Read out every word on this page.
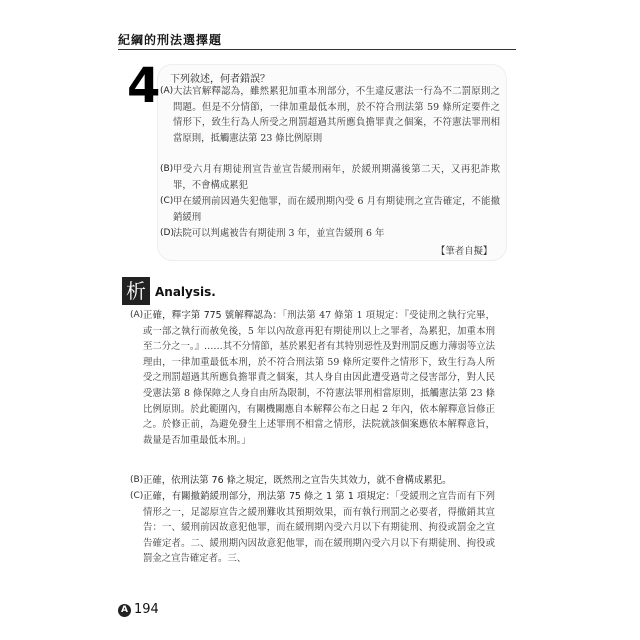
紀綱的刑法選擇題
4 下列敘述，何者錯誤？
(A) 大法官解釋認為，雖然累犯加重本刑部分，不生違反憲法一行為不二罰原則之問題。但是不分情節，一律加重最低本刑，於不符合刑法第 59 條所定要件之情形下，致生行為人所受之刑罰超過其所應負擔罪責之個案，不符憲法罪刑相當原則，抵觸憲法第 23 條比例原則
(B) 甲受六月有期徒刑宣告並宣告緩刑兩年，於緩刑期滿後第二天，又再犯詐欺罪，不會構成累犯
(C) 甲在緩刑前因過失犯他罪，而在緩刑期內受 6 月有期徒刑之宣告確定，不能撤銷緩刑
(D) 法院可以判處被告有期徒刑 3 年，並宣告緩刑 6 年
【筆者自擬】
析 Analysis.
(A) 正確，釋字第 775 號解釋認為：「刑法第 47 條第 1 項規定：『受徒刑之執行完畢，或一部之執行而赦免後，5 年以內故意再犯有期徒刑以上之罪者，為累犯，加重本刑至二分之一。』……其不分情節，基於累犯者有其特別惡性及對刑罰反應力薄弱等立法理由，一律加重最低本刑，於不符合刑法第 59 條所定要件之情形下，致生行為人所受之刑罰超過其所應負擔罪責之個案，其人身自由因此遭受過苛之侵害部分，對人民受憲法第 8 條保障之人身自由所為限制，不符憲法罪刑相當原則，抵觸憲法第 23 條比例原則。於此範圍內，有關機關應自本解釋公布之日起 2 年內，依本解釋意旨修正之。於修正前，為避免發生上述罪刑不相當之情形，法院就該個案應依本解釋意旨，裁量是否加重最低本刑。」
(B) 正確，依刑法第 76 條之規定，既然刑之宣告失其效力，就不會構成累犯。
(C) 正確，有關撤銷緩刑部分，刑法第 75 條之 1 第 1 項規定：「受緩刑之宣告而有下列情形之一，足認原宣告之緩刑難收其預期效果，而有執行刑罰之必要者，得撤銷其宣告：一、緩刑前因故意犯他罪，而在緩刑期內受六月以下有期徒刑、拘役或罰金之宣告確定者。二、緩刑期內因故意犯他罪，而在緩刑期內受六月以下有期徒刑、拘役或罰金之宣告確定者。三、
A 194
